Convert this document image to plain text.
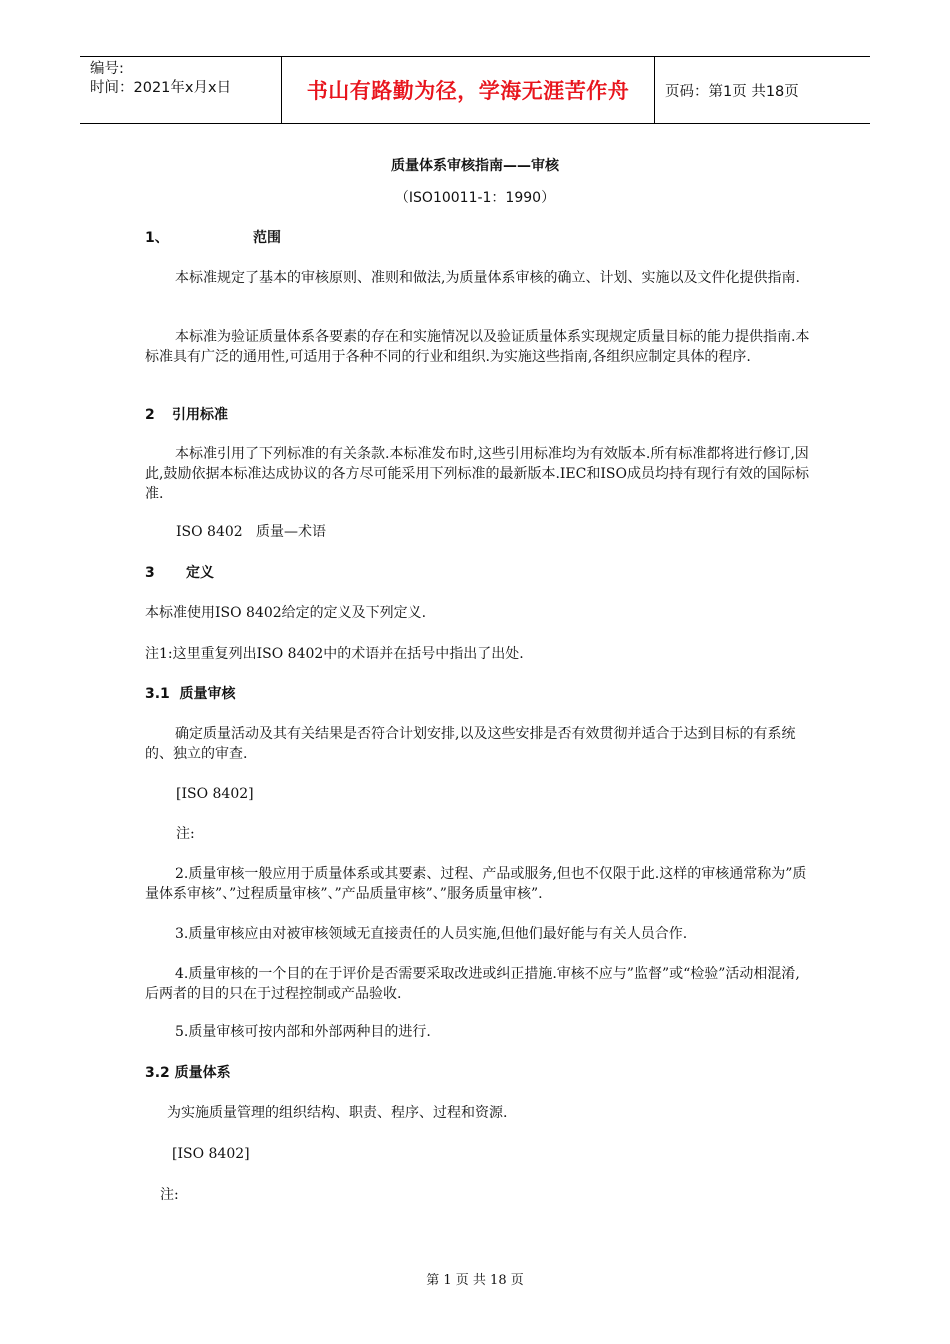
编号:
时间：2021年x月x日	书山有路勤为径，学海无涯苦作舟	页码：第1页 共18页
质量体系审核指南——审核
（ISO10011-1：1990）
1、	范围

本标准规定了基本的审核原则、准则和做法,为质量体系审核的确立、计划、实施以及文件化提供指南.

本标准为验证质量体系各要素的存在和实施情况以及验证质量体系实现规定质量目标的能力提供指南.本标准具有广泛的通用性,可适用于各种不同的行业和组织.为实施这些指南,各组织应制定具体的程序.

2 引用标准

本标准引用了下列标准的有关条款.本标准发布时,这些引用标准均为有效版本.所有标准都将进行修订,因此,鼓励依据本标准达成协议的各方尽可能采用下列标准的最新版本.IEC和ISO成员均持有现行有效的国际标准.

ISO 8402   质量—术语
3 定义

本标准使用ISO 8402给定的定义及下列定义.

注1:这里重复列出ISO 8402中的术语并在括号中指出了出处.

3.1  质量审核

确定质量活动及其有关结果是否符合计划安排,以及这些安排是否有效贯彻并适合于达到目标的有系统的、独立的审查.

[ISO 8402]
注:

2.质量审核一般应用于质量体系或其要素、过程、产品或服务,但也不仅限于此.这样的审核通常称为”质量体系审核”、”过程质量审核”、”产品质量审核”、”服务质量审核”.

3.质量审核应由对被审核领域无直接责任的人员实施,但他们最好能与有关人员合作.

4.质量审核的一个目的在于评价是否需要采取改进或纠正措施.审核不应与”监督”或“检验”活动相混淆,后两者的目的只在于过程控制或产品验收.

5.质量审核可按内部和外部两种目的进行.

3.2 质量体系

为实施质量管理的组织结构、职责、程序、过程和资源.

[ISO 8402]
注:
第 1 页 共 18 页
